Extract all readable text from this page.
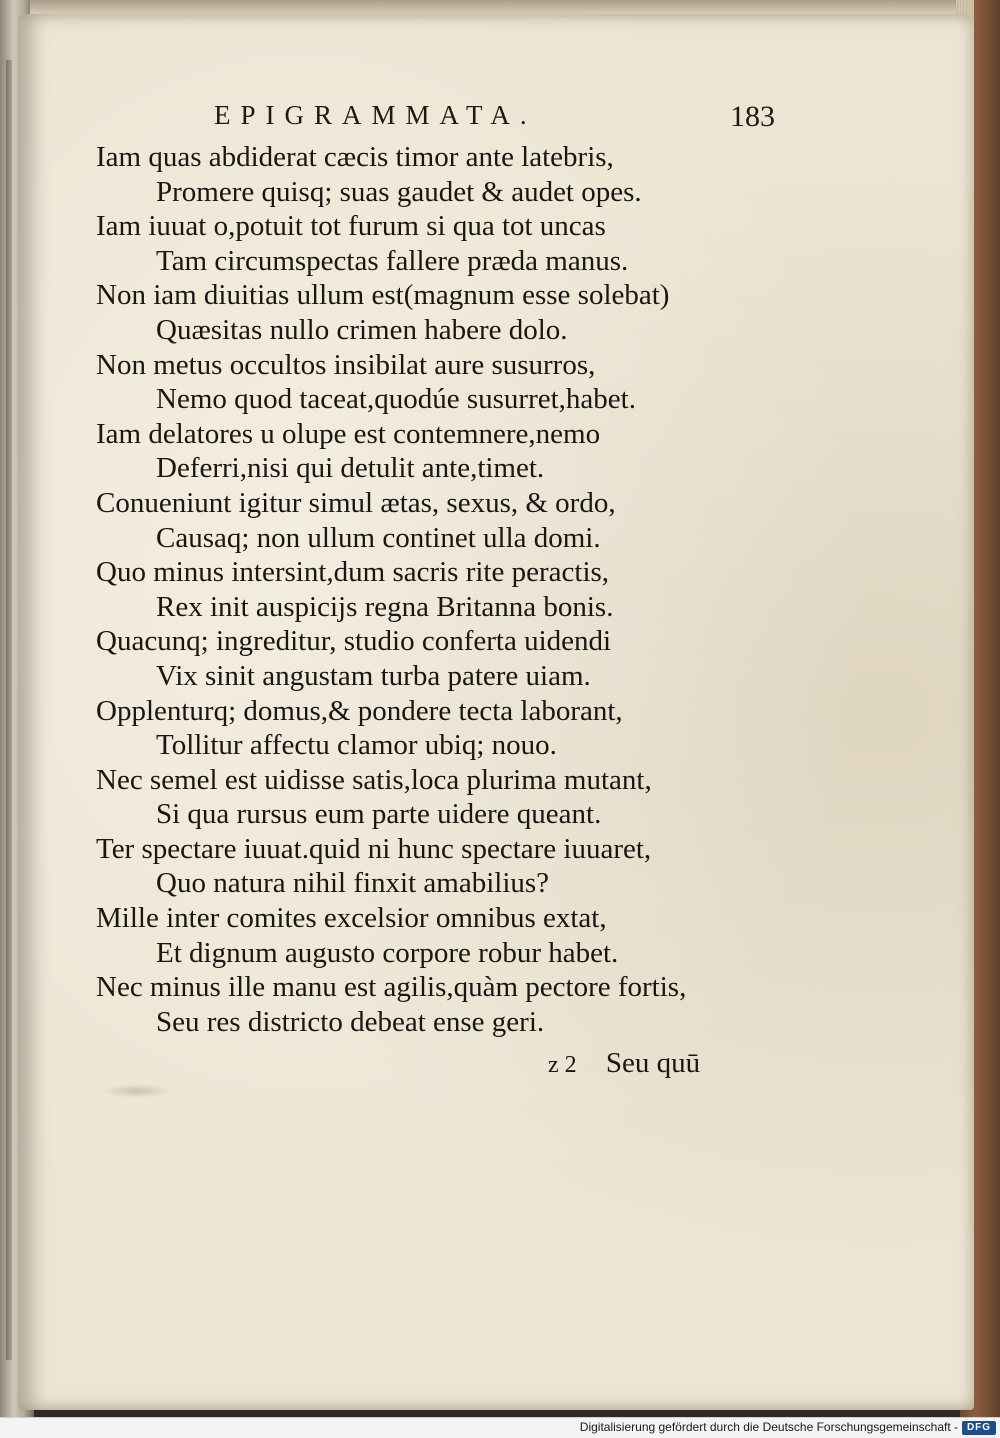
EPIGRAMMATA.	183
Iam quas abdiderat cæcis timor ante latebris,
Promere quisq; suas gaudet & audet opes.
Iam iuuat o,potuit tot furum si qua tot uncas
Tam circumspectas fallere præda manus.
Non iam diuitias ullum est(magnum esse solebat)
Quæsitas nullo crimen habere dolo.
Non metus occultos insibilat aure susurros,
Nemo quod taceat,quodúe susurret,habet.
Iam delatores u olupe est contemnere,nemo
Deferri,nisi qui detulit ante,timet.
Conueniunt igitur simul ætas, sexus, & ordo,
Causaq; non ullum continet ulla domi.
Quo minus intersint,dum sacris rite peractis,
Rex init auspicijs regna Britanna bonis.
Quacunq; ingreditur, studio conferta uidendi
Vix sinit angustam turba patere uiam.
Opplenturq; domus,& pondere tecta laborant,
Tollitur affectu clamor ubiq; nouo.
Nec semel est uidisse satis,loca plurima mutant,
Si qua rursus eum parte uidere queant.
Ter spectare iuuat.quid ni hunc spectare iuuaret,
Quo natura nihil finxit amabilius?
Mille inter comites excelsior omnibus extat,
Et dignum augusto corpore robur habet.
Nec minus ille manu est agilis,quàm pectore fortis,
Seu res districto debeat ense geri.
z 2 Seu quū
Digitalisierung gefördert durch die Deutsche Forschungsgemeinschaft - DFG
